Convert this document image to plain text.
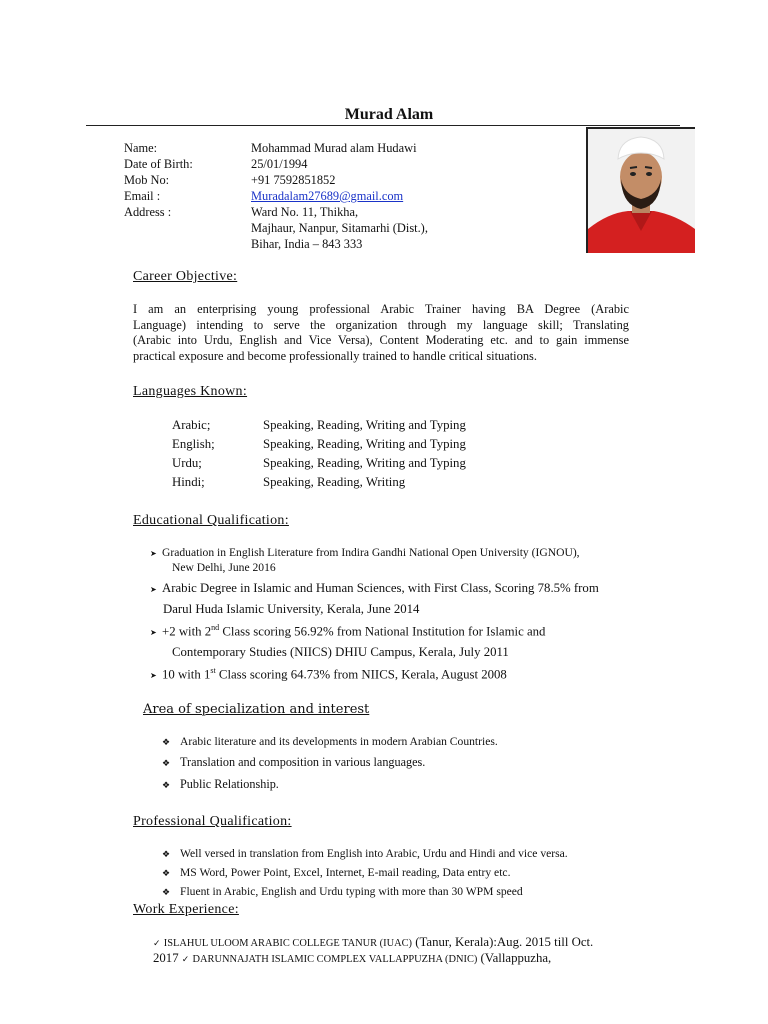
Murad Alam
Name:	Mohammad Murad alam Hudawi
Date of Birth:	25/01/1994
Mob No:	+91 7592851852
Email :	Muradalam27689@gmail.com
Address :	Ward No. 11, Thikha,
Majhaur, Nanpur, Sitamarhi (Dist.),
Bihar, India – 843 333
Career Objective:
I am an enterprising young professional Arabic Trainer having BA Degree (Arabic
Language) intending to serve the organization through my language skill; Translating
(Arabic into Urdu, English and Vice Versa), Content Moderating etc. and to gain immense
practical exposure and become professionally trained to handle critical situations.
Languages Known:
Arabic;	Speaking, Reading, Writing and Typing
English;	Speaking, Reading, Writing and Typing
Urdu;	Speaking, Reading, Writing and Typing
Hindi;	Speaking, Reading, Writing
Educational Qualification:
➤ Graduation in English Literature from Indira Gandhi National Open University (IGNOU),
New Delhi, June 2016
➤ Arabic Degree in Islamic and Human Sciences, with First Class, Scoring 78.5% from
Darul Huda Islamic University, Kerala, June 2014
➤ +2 with 2nd Class scoring 56.92% from National Institution for Islamic and
Contemporary Studies (NIICS) DHIU Campus, Kerala, July 2011
➤ 10 with 1st Class scoring 64.73% from NIICS, Kerala, August 2008
Area of specialization and interest
❖ Arabic literature and its developments in modern Arabian Countries.
❖ Translation and composition in various languages.
❖ Public Relationship.
Professional Qualification:
❖ Well versed in translation from English into Arabic, Urdu and Hindi and vice versa.
❖ MS Word, Power Point, Excel, Internet, E-mail reading, Data entry etc.
❖ Fluent in Arabic, English and Urdu typing with more than 30 WPM speed
Work Experience:
✓ ISLAHUL ULOOM ARABIC COLLEGE TANUR (IUAC) (Tanur, Kerala):Aug. 2015 till Oct.
2017 ✓ DARUNNAJATH ISLAMIC COMPLEX VALLAPPUZHA (DNIC) (Vallappuzha,
